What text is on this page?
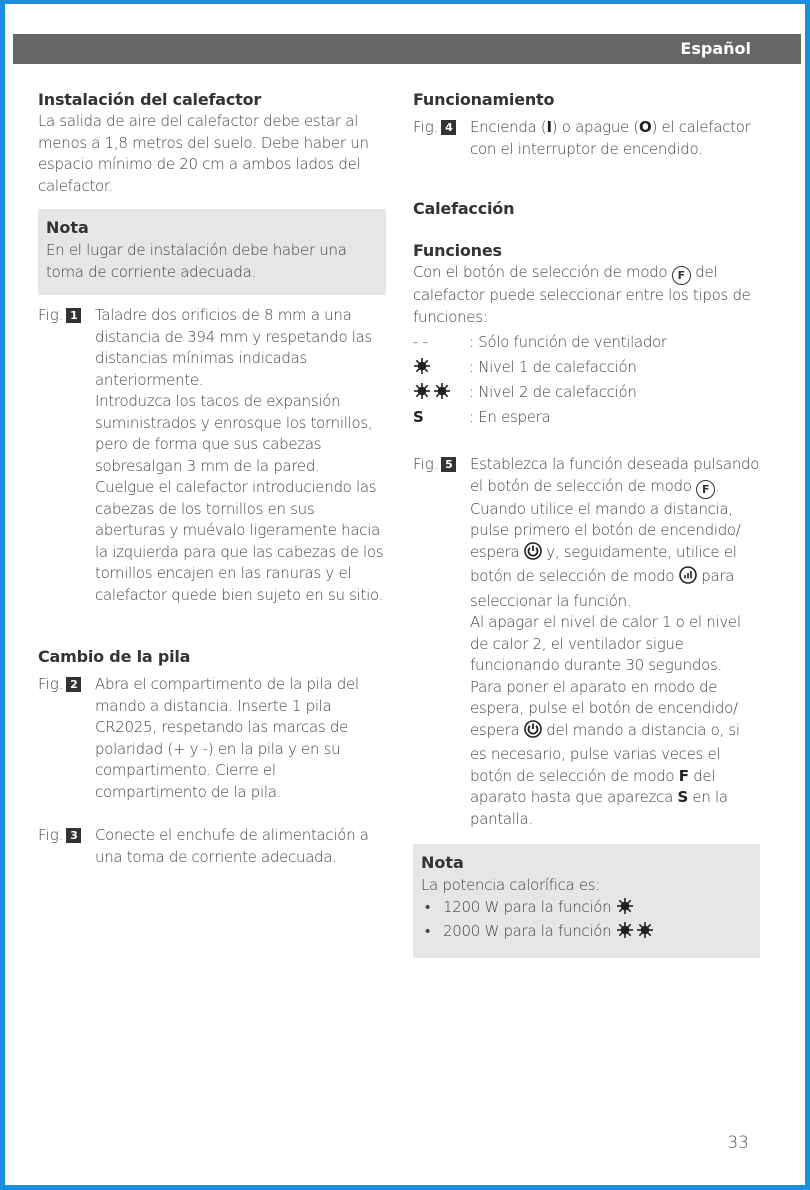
Español
Instalación del calefactor

La salida de aire del calefactor debe estar al menos a 1,8 metros del suelo. Debe haber un espacio mínimo de 20 cm a ambos lados del calefactor.

Nota

En el lugar de instalación debe haber una toma de corriente adecuada.

Fig. 1 Taladre dos orificios de 8 mm a una distancia de 394 mm y respetando las distancias mínimas indicadas anteriormente.

Introduzca los tacos de expansión suministrados y enrosque los tornillos, pero de forma que sus cabezas sobresalgan 3 mm de la pared.

Cuelgue el calefactor introduciendo las cabezas de los tornillos en sus aberturas y muévalo ligeramente hacia la izquierda para que las cabezas de los tornillos encajen en las ranuras y el calefactor quede bien sujeto en su sitio.

Cambio de la pila
Fig. 2 Abra el compartimento de la pila del mando a distancia. Inserte 1 pila CR2025, respetando las marcas de polaridad (+ y -) en la pila y en su compartimento. Cierre el compartimento de la pila.

Fig. 3 Conecte el enchufe de alimentación a una toma de corriente adecuada.

Funcionamiento
Fig. 4 Encienda (I) o apague (O) el calefactor con el interruptor de encendido.

Calefacción
Funciones

Con el botón de selección de modo F del calefactor puede seleccionar entre los tipos de funciones:

- -	: Sólo función de ventilador
: Nivel 1 de calefacción
: Nivel 2 de calefacción
S	: En espera
Fig. 5 Establezca la función deseada pulsando el botón de selección de modo F .

Cuando utilice el mando a distancia, pulse primero el botón de encendido/ espera y, seguidamente, utilice el botón de selección de modo para seleccionar la función.

Al apagar el nivel de calor 1 o el nivel de calor 2, el ventilador sigue funcionando durante 30 segundos.

Para poner el aparato en modo de espera, pulse el botón de encendido/ espera del mando a distancia o, si es necesario, pulse varias veces el botón de selección de modo F del aparato hasta que aparezca S en la pantalla.

Nota

La potencia calorífica es:

• 1200 W para la función
• 2000 W para la función
33
